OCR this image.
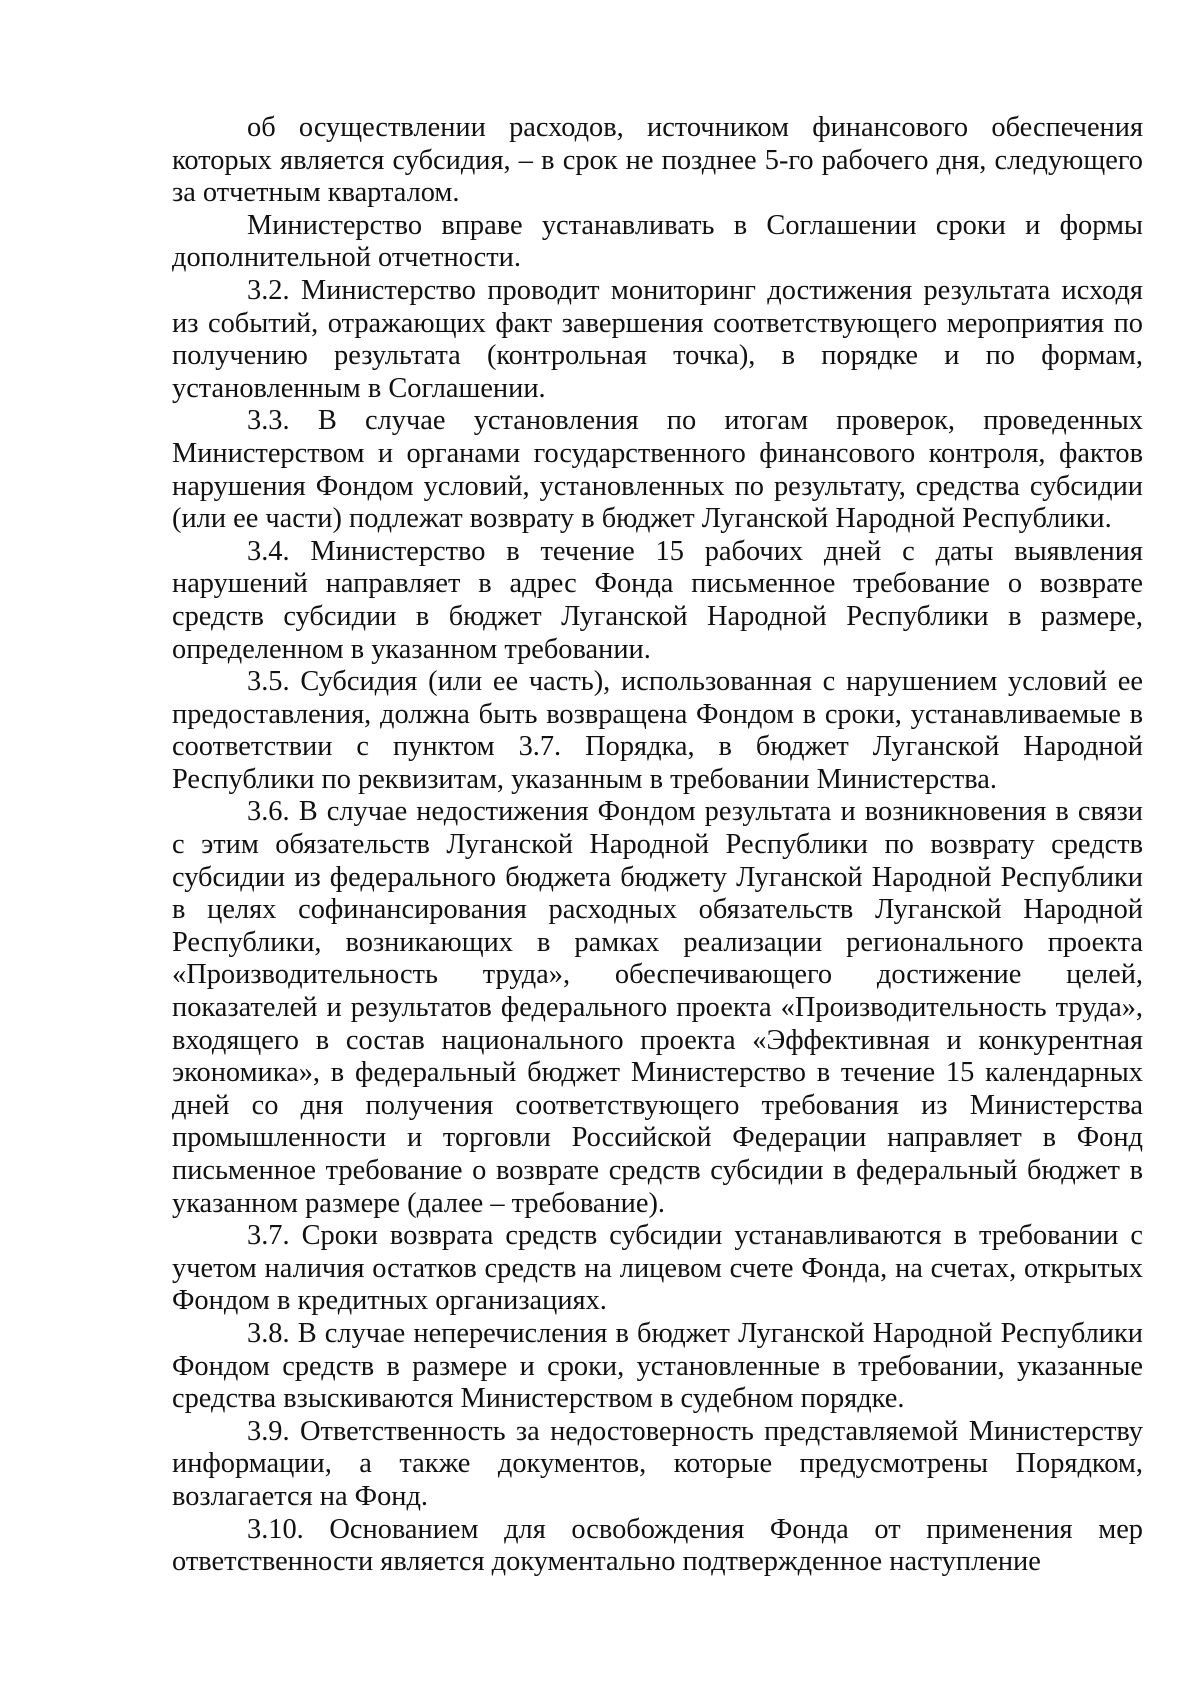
об осуществлении расходов, источником финансового обеспечения которых является субсидия, – в срок не позднее 5-го рабочего дня, следующего за отчетным кварталом.

Министерство вправе устанавливать в Соглашении сроки и формы дополнительной отчетности.

3.2. Министерство проводит мониторинг достижения результата исходя из событий, отражающих факт завершения соответствующего мероприятия по получению результата (контрольная точка), в порядке и по формам, установленным в Соглашении.

3.3. В случае установления по итогам проверок, проведенных Министерством и органами государственного финансового контроля, фактов нарушения Фондом условий, установленных по результату, средства субсидии (или ее части) подлежат возврату в бюджет Луганской Народной Республики.

3.4. Министерство в течение 15 рабочих дней с даты выявления нарушений направляет в адрес Фонда письменное требование о возврате средств субсидии в бюджет Луганской Народной Республики в размере, определенном в указанном требовании.

3.5. Субсидия (или ее часть), использованная с нарушением условий ее предоставления, должна быть возвращена Фондом в сроки, устанавливаемые в соответствии с пунктом 3.7. Порядка, в бюджет Луганской Народной Республики по реквизитам, указанным в требовании Министерства.

3.6. В случае недостижения Фондом результата и возникновения в связи с этим обязательств Луганской Народной Республики по возврату средств субсидии из федерального бюджета бюджету Луганской Народной Республики в целях софинансирования расходных обязательств Луганской Народной Республики, возникающих в рамках реализации регионального проекта «Производительность труда», обеспечивающего достижение целей, показателей и результатов федерального проекта «Производительность труда», входящего в состав национального проекта «Эффективная и конкурентная экономика», в федеральный бюджет Министерство в течение 15 календарных дней со дня получения соответствующего требования из Министерства промышленности и торговли Российской Федерации направляет в Фонд письменное требование о возврате средств субсидии в федеральный бюджет в указанном размере (далее – требование).

3.7. Сроки возврата средств субсидии устанавливаются в требовании с учетом наличия остатков средств на лицевом счете Фонда, на счетах, открытых Фондом в кредитных организациях.

3.8. В случае неперечисления в бюджет Луганской Народной Республики Фондом средств в размере и сроки, установленные в требовании, указанные средства взыскиваются Министерством в судебном порядке.

3.9. Ответственность за недостоверность представляемой Министерству информации, а также документов, которые предусмотрены Порядком, возлагается на Фонд.

3.10. Основанием для освобождения Фонда от применения мер ответственности является документально подтвержденное наступление
